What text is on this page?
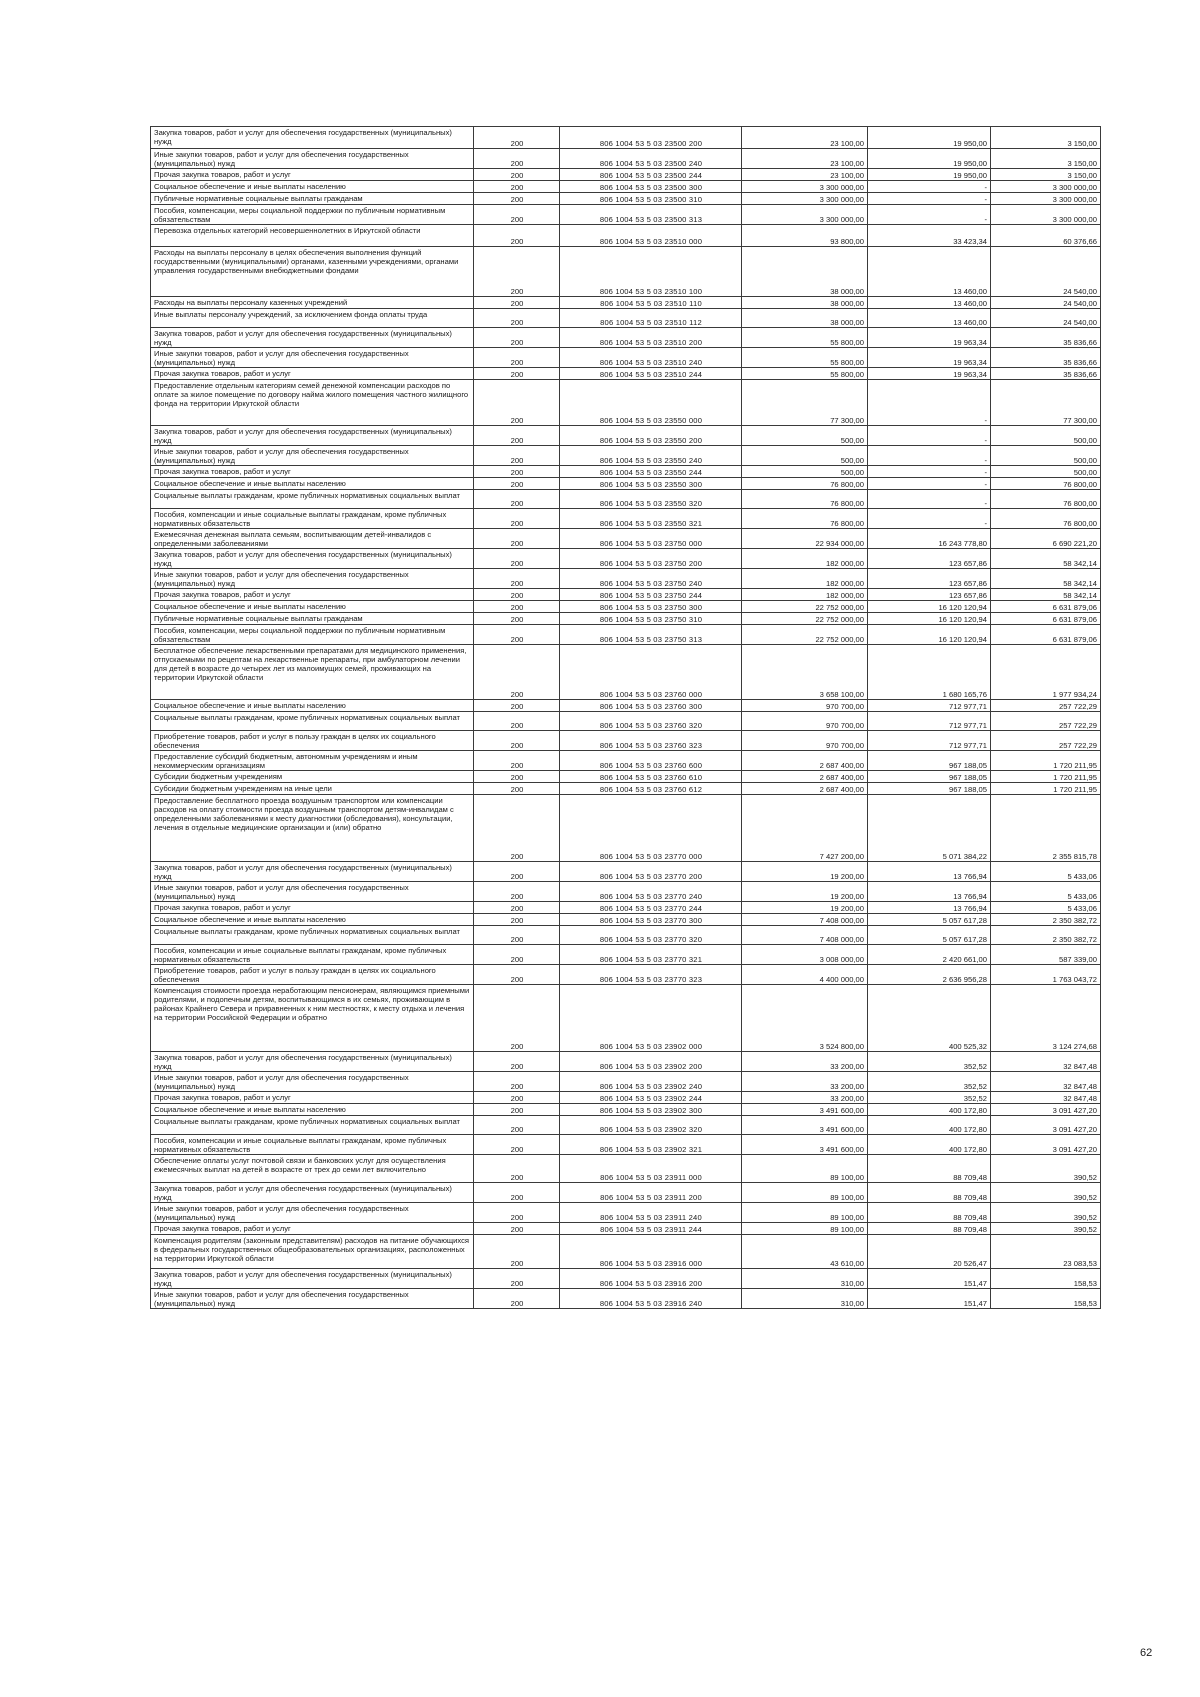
Закупка товаров, работ и услуг для обеспечения государственных (муниципальных) нужд	200	806 1004 53 5 03 23500 200	23 100,00	19 950,00	3 150,00
Иные закупки товаров, работ и услуг для обеспечения государственных (муниципальных) нужд	200	806 1004 53 5 03 23500 240	23 100,00	19 950,00	3 150,00
Прочая закупка товаров, работ и услуг	200	806 1004 53 5 03 23500 244	23 100,00	19 950,00	3 150,00
Социальное обеспечение и иные выплаты населению	200	806 1004 53 5 03 23500 300	3 300 000,00	-	3 300 000,00
Публичные нормативные социальные выплаты гражданам	200	806 1004 53 5 03 23500 310	3 300 000,00	-	3 300 000,00
Пособия, компенсации, меры социальной поддержки по публичным нормативным обязательствам	200	806 1004 53 5 03 23500 313	3 300 000,00	-	3 300 000,00
Перевозка отдельных категорий несовершеннолетних в Иркутской области	200	806 1004 53 5 03 23510 000	93 800,00	33 423,34	60 376,66
Расходы на выплаты персоналу в целях обеспечения выполнения функций государственными (муниципальными) органами, казенными учреждениями, органами управления государственными внебюджетными фондами	200	806 1004 53 5 03 23510 100	38 000,00	13 460,00	24 540,00
Расходы на выплаты персоналу казенных учреждений	200	806 1004 53 5 03 23510 110	38 000,00	13 460,00	24 540,00
Иные выплаты персоналу учреждений, за исключением фонда оплаты труда	200	806 1004 53 5 03 23510 112	38 000,00	13 460,00	24 540,00
Закупка товаров, работ и услуг для обеспечения государственных (муниципальных) нужд	200	806 1004 53 5 03 23510 200	55 800,00	19 963,34	35 836,66
Иные закупки товаров, работ и услуг для обеспечения государственных (муниципальных) нужд	200	806 1004 53 5 03 23510 240	55 800,00	19 963,34	35 836,66
Прочая закупка товаров, работ и услуг	200	806 1004 53 5 03 23510 244	55 800,00	19 963,34	35 836,66
Предоставление отдельным категориям семей денежной компенсации расходов по оплате за жилое помещение по договору найма жилого помещения частного жилищного фонда на территории Иркутской области	200	806 1004 53 5 03 23550 000	77 300,00	-	77 300,00
Закупка товаров, работ и услуг для обеспечения государственных (муниципальных) нужд	200	806 1004 53 5 03 23550 200	500,00	-	500,00
Иные закупки товаров, работ и услуг для обеспечения государственных (муниципальных) нужд	200	806 1004 53 5 03 23550 240	500,00	-	500,00
Прочая закупка товаров, работ и услуг	200	806 1004 53 5 03 23550 244	500,00	-	500,00
Социальное обеспечение и иные выплаты населению	200	806 1004 53 5 03 23550 300	76 800,00	-	76 800,00
Социальные выплаты гражданам, кроме публичных нормативных социальных выплат	200	806 1004 53 5 03 23550 320	76 800,00	-	76 800,00
Пособия, компенсации и иные социальные выплаты гражданам, кроме публичных нормативных обязательств	200	806 1004 53 5 03 23550 321	76 800,00	-	76 800,00
Ежемесячная денежная выплата семьям, воспитывающим детей-инвалидов с определенными заболеваниями	200	806 1004 53 5 03 23750 000	22 934 000,00	16 243 778,80	6 690 221,20
Закупка товаров, работ и услуг для обеспечения государственных (муниципальных) нужд	200	806 1004 53 5 03 23750 200	182 000,00	123 657,86	58 342,14
Иные закупки товаров, работ и услуг для обеспечения государственных (муниципальных) нужд	200	806 1004 53 5 03 23750 240	182 000,00	123 657,86	58 342,14
Прочая закупка товаров, работ и услуг	200	806 1004 53 5 03 23750 244	182 000,00	123 657,86	58 342,14
Социальное обеспечение и иные выплаты населению	200	806 1004 53 5 03 23750 300	22 752 000,00	16 120 120,94	6 631 879,06
Публичные нормативные социальные выплаты гражданам	200	806 1004 53 5 03 23750 310	22 752 000,00	16 120 120,94	6 631 879,06
Пособия, компенсации, меры социальной поддержки по публичным нормативным обязательствам	200	806 1004 53 5 03 23750 313	22 752 000,00	16 120 120,94	6 631 879,06
Бесплатное обеспечение лекарственными препаратами для медицинского применения, отпускаемыми по рецептам на лекарственные препараты, при амбулаторном лечении для детей в возрасте до четырех лет из малоимущих семей, проживающих на территории Иркутской области	200	806 1004 53 5 03 23760 000	3 658 100,00	1 680 165,76	1 977 934,24
Социальное обеспечение и иные выплаты населению	200	806 1004 53 5 03 23760 300	970 700,00	712 977,71	257 722,29
Социальные выплаты гражданам, кроме публичных нормативных социальных выплат	200	806 1004 53 5 03 23760 320	970 700,00	712 977,71	257 722,29
Приобретение товаров, работ и услуг в пользу граждан в целях их социального обеспечения	200	806 1004 53 5 03 23760 323	970 700,00	712 977,71	257 722,29
Предоставление субсидий бюджетным, автономным учреждениям и иным некоммерческим организациям	200	806 1004 53 5 03 23760 600	2 687 400,00	967 188,05	1 720 211,95
Субсидии бюджетным учреждениям	200	806 1004 53 5 03 23760 610	2 687 400,00	967 188,05	1 720 211,95
Субсидии бюджетным учреждениям на иные цели	200	806 1004 53 5 03 23760 612	2 687 400,00	967 188,05	1 720 211,95
Предоставление бесплатного проезда воздушным транспортом или компенсации расходов на оплату стоимости проезда воздушным транспортом детям-инвалидам с определенными заболеваниями к месту диагностики (обследования), консультации, лечения в отдельные медицинские организации и (или) обратно	200	806 1004 53 5 03 23770 000	7 427 200,00	5 071 384,22	2 355 815,78
Закупка товаров, работ и услуг для обеспечения государственных (муниципальных) нужд	200	806 1004 53 5 03 23770 200	19 200,00	13 766,94	5 433,06
Иные закупки товаров, работ и услуг для обеспечения государственных (муниципальных) нужд	200	806 1004 53 5 03 23770 240	19 200,00	13 766,94	5 433,06
Прочая закупка товаров, работ и услуг	200	806 1004 53 5 03 23770 244	19 200,00	13 766,94	5 433,06
Социальное обеспечение и иные выплаты населению	200	806 1004 53 5 03 23770 300	7 408 000,00	5 057 617,28	2 350 382,72
Социальные выплаты гражданам, кроме публичных нормативных социальных выплат	200	806 1004 53 5 03 23770 320	7 408 000,00	5 057 617,28	2 350 382,72
Пособия, компенсации и иные социальные выплаты гражданам, кроме публичных нормативных обязательств	200	806 1004 53 5 03 23770 321	3 008 000,00	2 420 661,00	587 339,00
Приобретение товаров, работ и услуг в пользу граждан в целях их социального обеспечения	200	806 1004 53 5 03 23770 323	4 400 000,00	2 636 956,28	1 763 043,72
Компенсация стоимости проезда неработающим пенсионерам, являющимся приемными родителями, и подопечным детям, воспитывающимся в их семьях, проживающим в районах Крайнего Севера и приравненных к ним местностях, к месту отдыха и лечения на территории Российской Федерации и обратно	200	806 1004 53 5 03 23902 000	3 524 800,00	400 525,32	3 124 274,68
Закупка товаров, работ и услуг для обеспечения государственных (муниципальных) нужд	200	806 1004 53 5 03 23902 200	33 200,00	352,52	32 847,48
Иные закупки товаров, работ и услуг для обеспечения государственных (муниципальных) нужд	200	806 1004 53 5 03 23902 240	33 200,00	352,52	32 847,48
Прочая закупка товаров, работ и услуг	200	806 1004 53 5 03 23902 244	33 200,00	352,52	32 847,48
Социальное обеспечение и иные выплаты населению	200	806 1004 53 5 03 23902 300	3 491 600,00	400 172,80	3 091 427,20
Социальные выплаты гражданам, кроме публичных нормативных социальных выплат	200	806 1004 53 5 03 23902 320	3 491 600,00	400 172,80	3 091 427,20
Пособия, компенсации и иные социальные выплаты гражданам, кроме публичных нормативных обязательств	200	806 1004 53 5 03 23902 321	3 491 600,00	400 172,80	3 091 427,20
Обеспечение оплаты услуг почтовой связи и банковских услуг для осуществления ежемесячных выплат на детей в возрасте от трех до семи лет включительно	200	806 1004 53 5 03 23911 000	89 100,00	88 709,48	390,52
Закупка товаров, работ и услуг для обеспечения государственных (муниципальных) нужд	200	806 1004 53 5 03 23911 200	89 100,00	88 709,48	390,52
Иные закупки товаров, работ и услуг для обеспечения государственных (муниципальных) нужд	200	806 1004 53 5 03 23911 240	89 100,00	88 709,48	390,52
Прочая закупка товаров, работ и услуг	200	806 1004 53 5 03 23911 244	89 100,00	88 709,48	390,52
Компенсация родителям (законным представителям) расходов на питание обучающихся в федеральных государственных общеобразовательных организациях, расположенных на территории Иркутской области	200	806 1004 53 5 03 23916 000	43 610,00	20 526,47	23 083,53
Закупка товаров, работ и услуг для обеспечения государственных (муниципальных) нужд	200	806 1004 53 5 03 23916 200	310,00	151,47	158,53
Иные закупки товаров, работ и услуг для обеспечения государственных (муниципальных) нужд	200	806 1004 53 5 03 23916 240	310,00	151,47	158,53
62
